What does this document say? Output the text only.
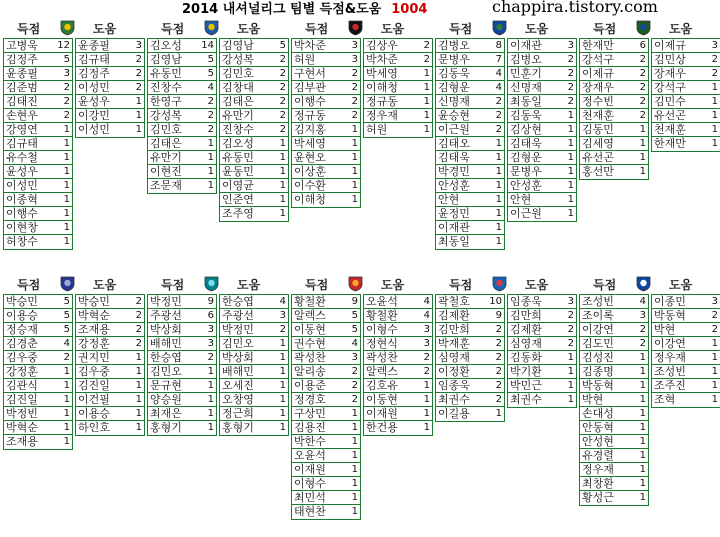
2014 내셔널리그 팀별 득점&도움 1004	chappira.tistory.com
득점	도움
고병욱 12
김정주	5
윤종필	3
김준범	2
김태진	2
손현우	2
강영연	1
김규태	1
유수철	1
윤성우	1
이성민	1
이종혁	1
이행수	1
이현창	1
허창수	1
윤종필	3
김규태	2
김정주	2
이성민	2
윤성우	1
이강민	1
이성민	1
득점	도움
김오성 14
김영남	5
유동민	5
진창수	4
한영구	2
강성복	2
김민호	2
김태은	1
유만기	1
이현진	1
조문재	1
김영남	5
강성복	2
김민호	2
김창대	2
김태은	2
유만기	2
진창수	2
김오성	1
유동민	1
윤동민	1
이영균	1
인준연	1
조주영	1
득점	도움
박차준	3
허원	3
구현서	2
김부관	2
이행수	2
정규동	2
김지홍	1
박세영	1
윤현오	1
이상훈	1
이수환	1
이해청	1
김상우	2
박차준	2
박세영	1
이해청	1
정규동	1
정우재	1
허원	1
득점	도움
김병오	8
문병우	7
김동욱	4
김형운	4
신명재	2
윤승현	2
이근원	2
김태오	1
김태욱	1
박경민	1
안성훈	1
안현	1
윤정민	1
이재관	1
최동일	1
이재관	3
김병오	2
민훈기	2
신명재	2
최동일	2
김동욱	1
김상현	1
김태욱	1
김형운	1
문병우	1
안성훈	1
안현	1
이근원	1
득점	도움
한재만	6
강석구	2
이제규	2
장재우	2
정수빈	2
천재훈	2
김동민	1
김세영	1
유선곤	1
홍선만	1
이제규	3
김민상	2
장재우	2
강석구	1
김민수	1
유선곤	1
천재훈	1
한재만	1
득점	도움
박승민	5
이용승	5
정승재	5
김경춘	4
김우중	2
강정훈	1
김관식	1
김진일	1
박정빈	1
박혁순	1
조재용	1
박승민	2
박혁순	2
조재용	2
강정훈	2
권지민	1
김우중	1
김진일	1
이건필	1
이용승	1
하인호	1
득점	도움
박정민	9
주광선	6
박상회	3
배해민	3
한승엽	2
김민오	1
문규현	1
양승원	1
최재은	1
홍형기	1
한승엽	4
주광선	3
박정민	2
김민오	1
박상회	1
배해민	1
오세진	1
오창영	1
정근희	1
홍형기	1
득점	도움
황철환	9
알렉스	5
이동현	5
권수현	4
곽성찬	3
알리송	2
이용준	2
정경호	2
구상민	1
김용진	1
박한수	1
오윤석	1
이재원	1
이형수	1
최민석	1
태현찬	1
오윤석	4
황철환	4
이형수	3
정현식	3
곽성찬	2
알렉스	2
김호유	1
이동현	1
이재원	1
한건용	1
득점	도움
곽철호 10
김제환	9
김만희	2
박재훈	2
심영재	2
이정환	2
임종욱	2
최권수	2
이길용	1
임종욱	3
김만희	2
김제환	2
심영재	2
김동화	1
박기환	1
박민근	1
최권수	1
득점	도움
조성빈	4
조이록	3
이강연	2
김도민	2
김성진	1
김종명	1
박동혁	1
박현	1
손대성	1
안동혁	1
안성현	1
유경렬	1
정우재	1
최창환	1
황성근	1
이종민	3
박동혁	2
박현	2
이강연	1
정우재	1
조성빈	1
조주진	1
조혁	1
